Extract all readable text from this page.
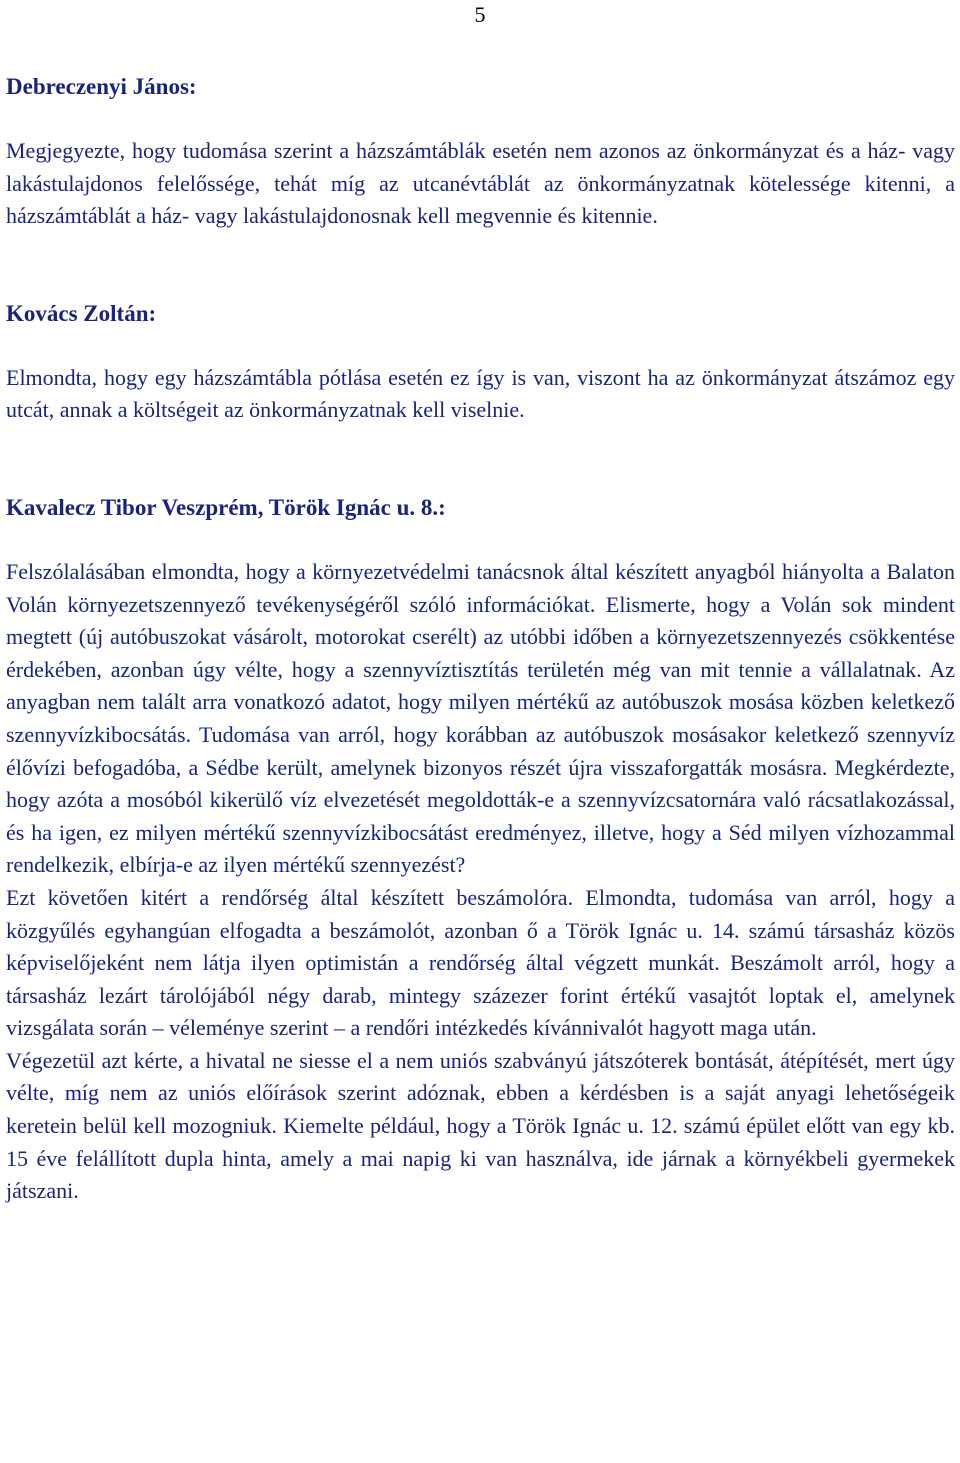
5

Debreczenyi János:

Megjegyezte, hogy tudomása szerint a házszámtáblák esetén nem azonos az önkormányzat és a ház- vagy lakástulajdonos felelőssége, tehát míg az utcanévtáblát az önkormányzatnak kötelessége kitenni, a házszámtáblát a ház- vagy lakástulajdonosnak kell megvennie és kitennie.

Kovács Zoltán:

Elmondta, hogy egy házszámtábla pótlása esetén ez így is van, viszont ha az önkormányzat átszámoz egy utcát, annak a költségeit az önkormányzatnak kell viselnie.

Kavalecz Tibor Veszprém, Török Ignác u. 8.:

Felszólalásában elmondta, hogy a környezetvédelmi tanácsnok által készített anyagból hiányolta a Balaton Volán környezetszennyező tevékenységéről szóló információkat. Elismerte, hogy a Volán sok mindent megtett (új autóbuszokat vásárolt, motorokat cserélt) az utóbbi időben a környezetszennyezés csökkentése érdekében, azonban úgy vélte, hogy a szennyvíztisztítás területén még van mit tennie a vállalatnak. Az anyagban nem talált arra vonatkozó adatot, hogy milyen mértékű az autóbuszok mosása közben keletkező szennyvízkibocsátás. Tudomása van arról, hogy korábban az autóbuszok mosásakor keletkező szennyvíz élővízi befogadóba, a Sédbe került, amelynek bizonyos részét újra visszaforgatták mosásra. Megkérdezte, hogy azóta a mosóból kikerülő víz elvezetését megoldották-e a szennyvízcsatornára való rácsatlakozással, és ha igen, ez milyen mértékű szennyvízkibocsátást eredményez, illetve, hogy a Séd milyen vízhozammal rendelkezik, elbírja-e az ilyen mértékű szennyezést?

Ezt követően kitért a rendőrség által készített beszámolóra. Elmondta, tudomása van arról, hogy a közgyűlés egyhangúan elfogadta a beszámolót, azonban ő a Török Ignác u. 14. számú társasház közös képviselőjeként nem látja ilyen optimistán a rendőrség által végzett munkát. Beszámolt arról, hogy a társasház lezárt tárolójából négy darab, mintegy százezer forint értékű vasajtót loptak el, amelynek vizsgálata során – véleménye szerint – a rendőri intézkedés kívánnivalót hagyott maga után.

Végezetül azt kérte, a hivatal ne siesse el a nem uniós szabványú játszóterek bontását, átépítését, mert úgy vélte, míg nem az uniós előírások szerint adóznak, ebben a kérdésben is a saját anyagi lehetőségeik keretein belül kell mozogniuk. Kiemelte például, hogy a Török Ignác u. 12. számú épület előtt van egy kb. 15 éve felállított dupla hinta, amely a mai napig ki van használva, ide járnak a környékbeli gyermekek játszani.
